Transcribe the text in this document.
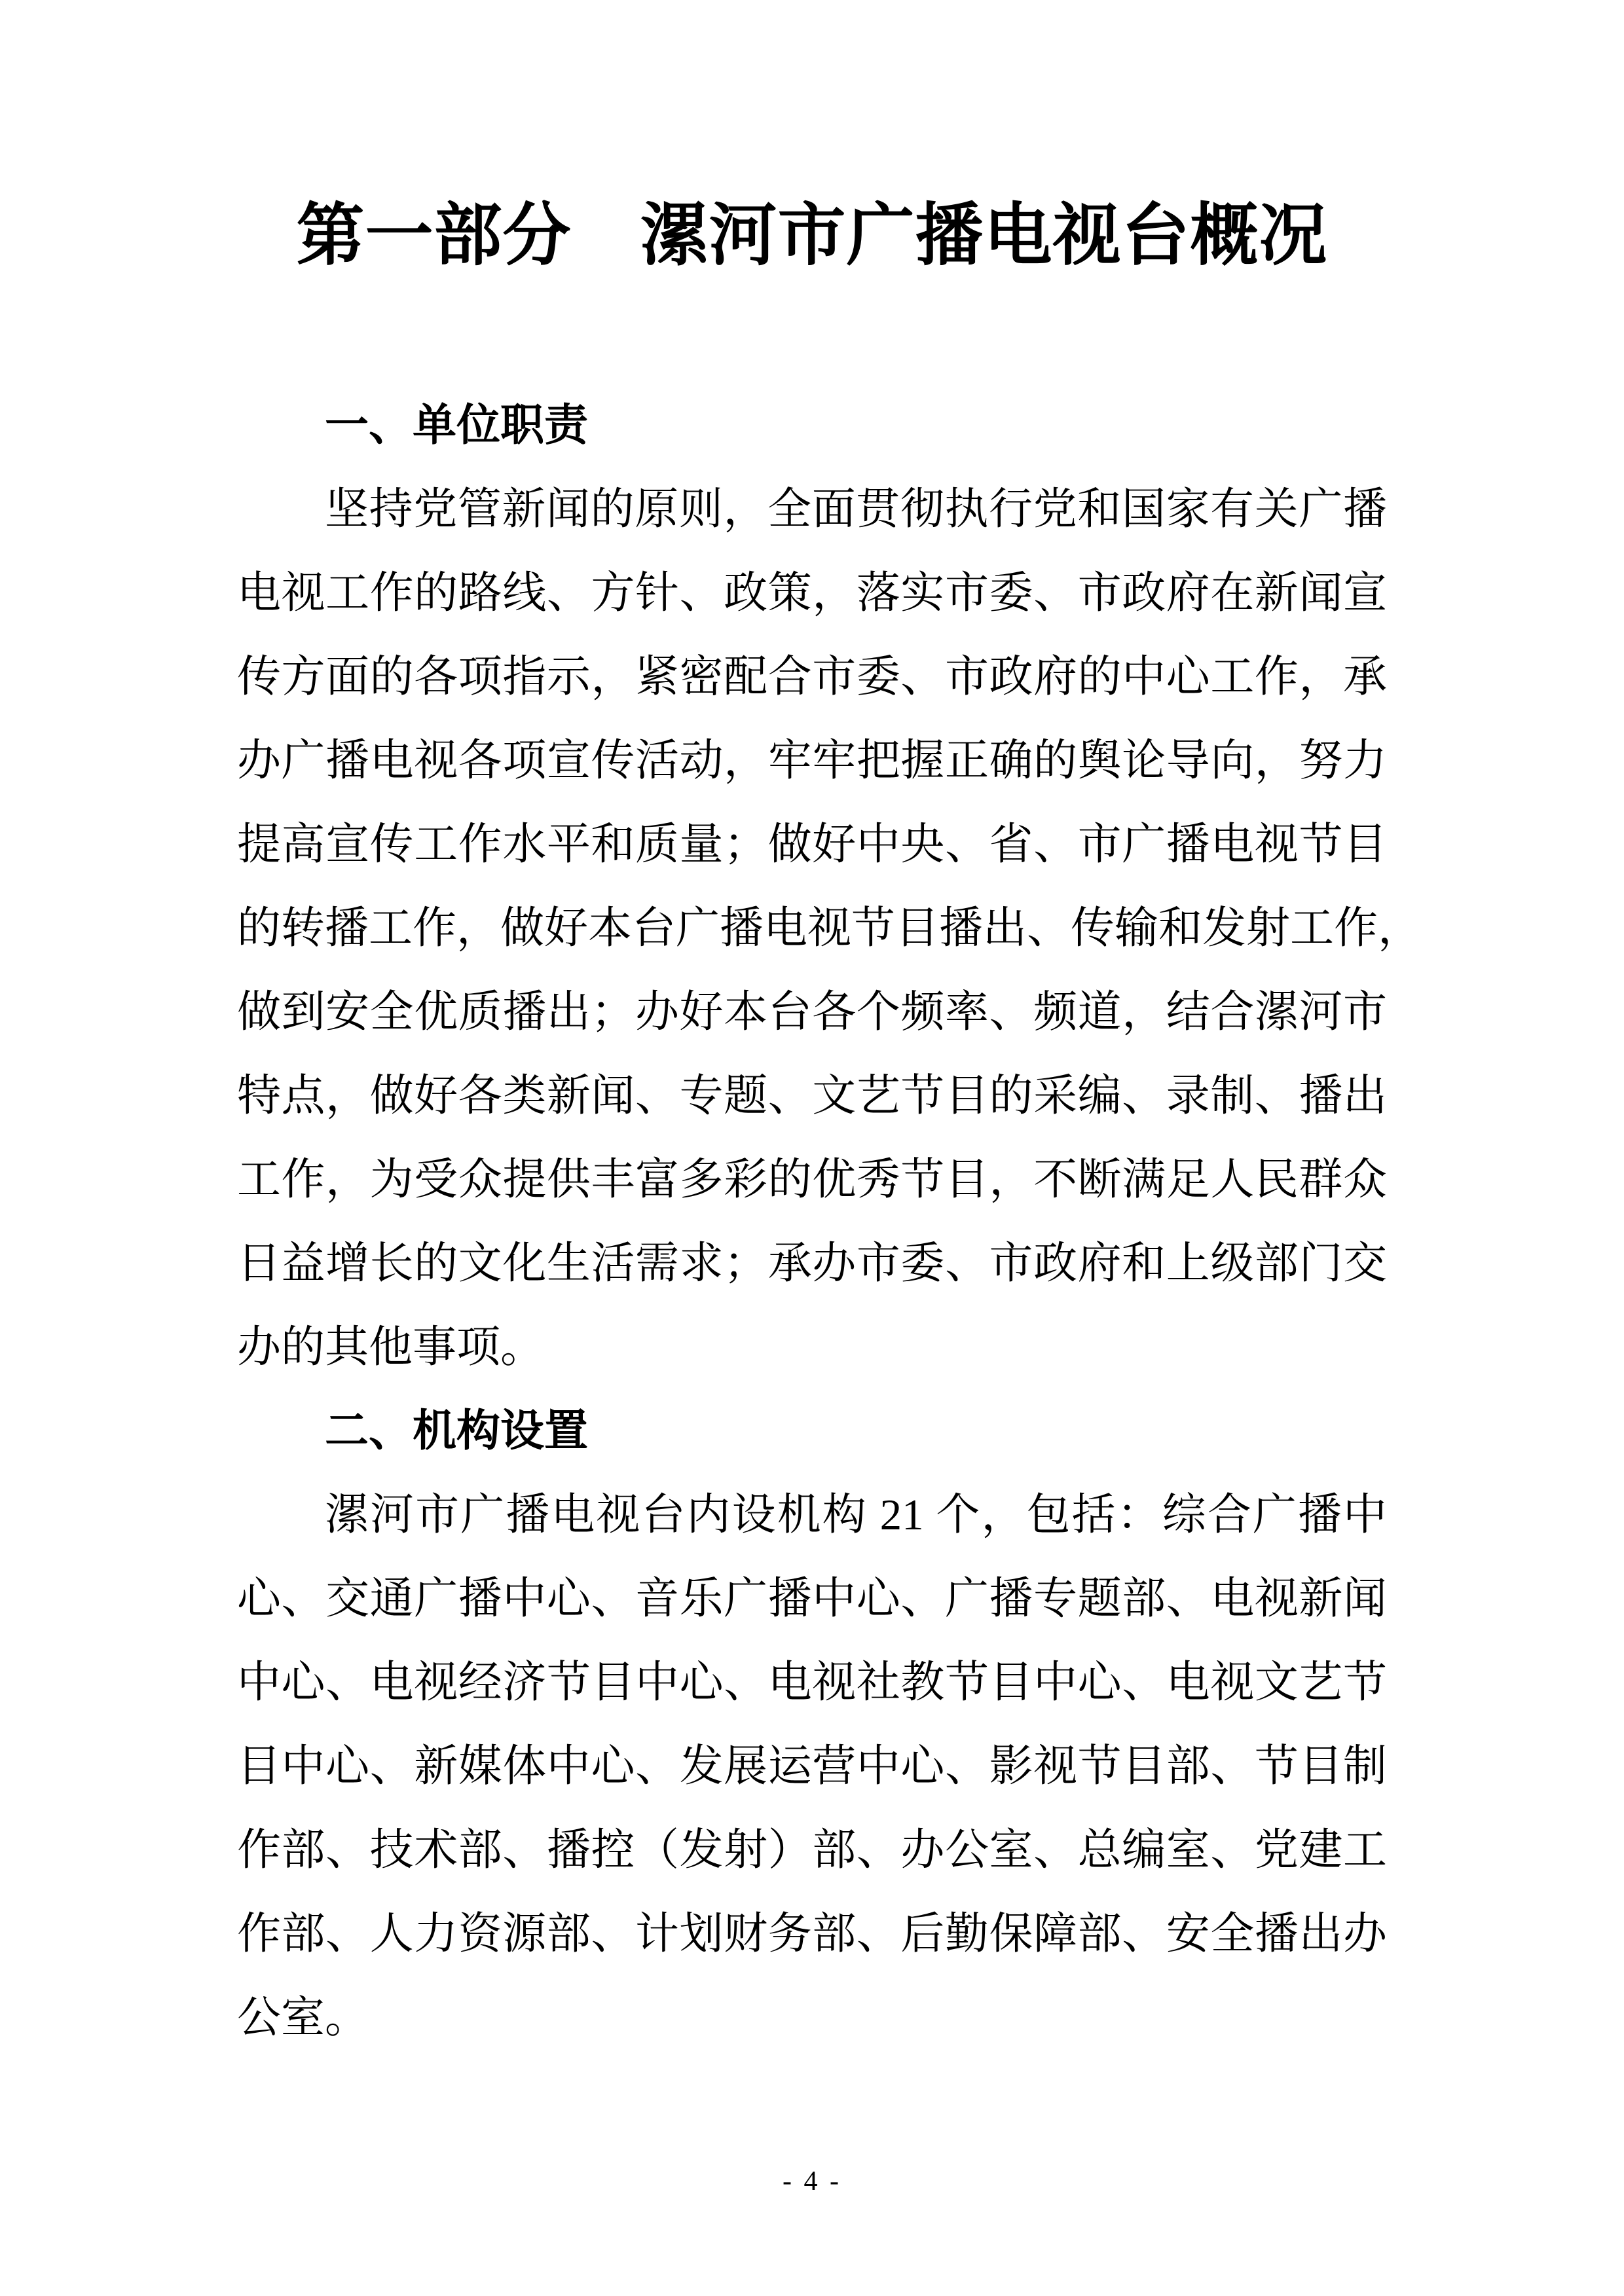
第一部分　漯河市广播电视台概况
一、单位职责
坚持党管新闻的原则，全面贯彻执行党和国家有关广播
电视工作的路线、方针、政策，落实市委、市政府在新闻宣
传方面的各项指示，紧密配合市委、市政府的中心工作，承
办广播电视各项宣传活动，牢牢把握正确的舆论导向，努力
提高宣传工作水平和质量；做好中央、省、市广播电视节目
的转播工作，做好本台广播电视节目播出、传输和发射工作，
做到安全优质播出；办好本台各个频率、频道，结合漯河市
特点，做好各类新闻、专题、文艺节目的采编、录制、播出
工作，为受众提供丰富多彩的优秀节目，不断满足人民群众
日益增长的文化生活需求；承办市委、市政府和上级部门交
办的其他事项。
二、机构设置
漯河市广播电视台内设机构 21 个，包括：综合广播中
心、交通广播中心、音乐广播中心、广播专题部、电视新闻
中心、电视经济节目中心、电视社教节目中心、电视文艺节
目中心、新媒体中心、发展运营中心、影视节目部、节目制
作部、技术部、播控（发射）部、办公室、总编室、党建工
作部、人力资源部、计划财务部、后勤保障部、安全播出办
公室。
- 4 -
